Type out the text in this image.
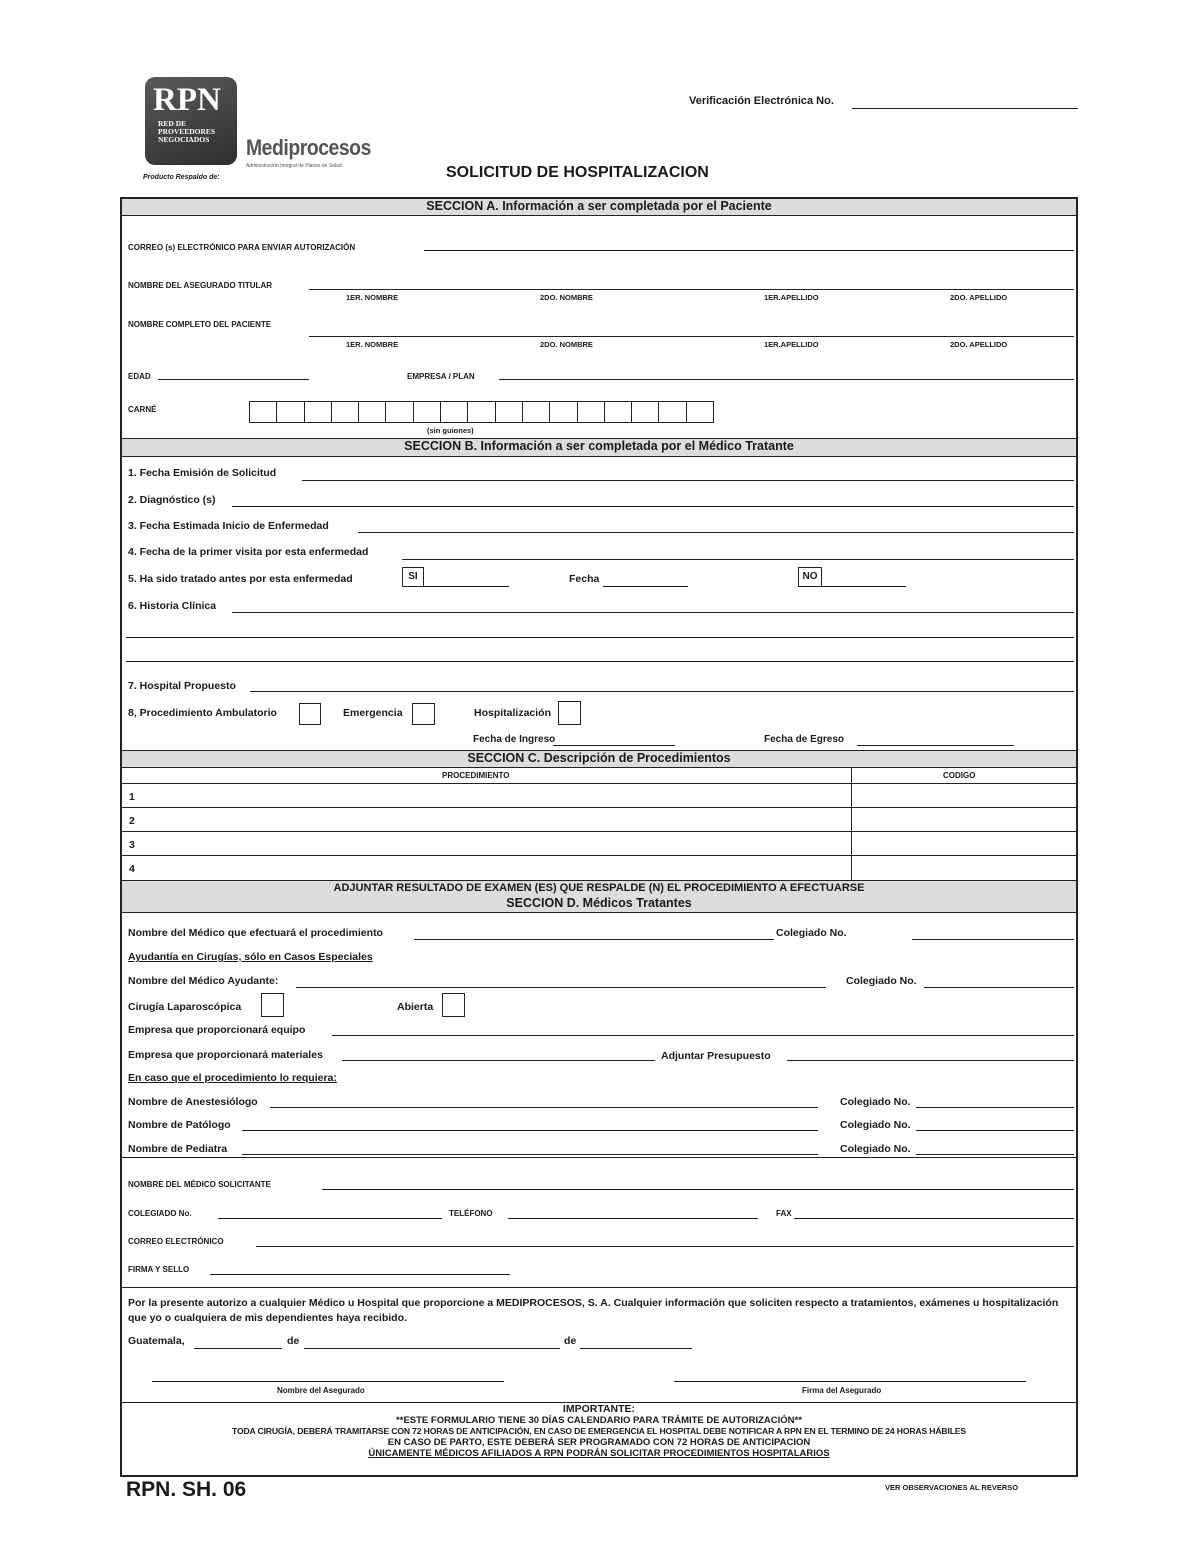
RPN
RED DE
PROVEEDORES
NEGOCIADOS
Producto Respaldo de:
Mediprocesos
Administración Integral de Planes de Salud
Verificación Electrónica No.
SOLICITUD DE HOSPITALIZACION
SECCION A. Información a ser completada por el Paciente
CORREO (s) ELECTRÓNICO PARA ENVIAR AUTORIZACIÓN
NOMBRE DEL ASEGURADO TITULAR
1ER. NOMBRE	2DO. NOMBRE	1ER.APELLIDO	2DO. APELLIDO
NOMBRE COMPLETO DEL PACIENTE
1ER. NOMBRE	2DO. NOMBRE	1ER.APELLIDO	2DO. APELLIDO
EDAD	EMPRESA / PLAN
CARNÉ
(sin guiones)
SECCION B. Información a ser completada por el Médico Tratante
1. Fecha Emisión de Solicitud
2. Diagnóstico (s)
3. Fecha Estimada Inicio de Enfermedad
4. Fecha de la primer visita por esta enfermedad
5. Ha sido tratado antes por esta enfermedad	SI	Fecha	NO
6. Historia Clínica
7. Hospital Propuesto
8, Procedimiento Ambulatorio	Emergencia	Hospitalización
Fecha de Ingreso	Fecha de Egreso
SECCION C. Descripción de Procedimientos
PROCEDIMIENTO	CODIGO
1
2
3
4
ADJUNTAR RESULTADO DE EXAMEN (ES) QUE RESPALDE (N) EL PROCEDIMIENTO A EFECTUARSE
SECCION D. Médicos Tratantes
Nombre del Médico que efectuará el procedimiento	Colegiado No.
Ayudantía en Cirugías, sólo en Casos Especiales
Nombre del Médico Ayudante:	Colegiado No.
Cirugía Laparoscópica	Abierta
Empresa que proporcionará equipo
Empresa que proporcionará materiales	Adjuntar Presupuesto
En caso que el procedimiento lo requiera:
Nombre de Anestesiólogo	Colegiado No.
Nombre de Patólogo	Colegiado No.
Nombre de Pediatra	Colegiado No.
NOMBRE DEL MÉDICO SOLICITANTE
COLEGIADO No.	TELÉFONO	FAX
CORREO ELECTRÓNICO
FIRMA Y SELLO
Por la presente autorizo a cualquier Médico u Hospital que proporcione a MEDIPROCESOS, S. A. Cualquier información que soliciten respecto a tratamientos, exámenes u hospitalización que yo o cualquiera de mis dependientes haya recibido.
Guatemala,	de	de
Nombre del Asegurado	Firma del Asegurado
IMPORTANTE:
**ESTE FORMULARIO TIENE 30 DÍAS CALENDARIO PARA TRÁMITE DE AUTORIZACIÓN**
TODA CIRUGÍA, DEBERÁ TRAMITARSE CON 72 HORAS DE ANTICIPACIÓN, EN CASO DE EMERGENCIA EL HOSPITAL DEBE NOTIFICAR A RPN EN EL TERMINO DE 24 HORAS HÁBILES
EN CASO DE PARTO, ESTE DEBERÁ SER PROGRAMADO CON 72 HORAS DE ANTICIPACION
ÚNICAMENTE MÉDICOS AFILIADOS A RPN PODRÁN SOLICITAR PROCEDIMIENTOS HOSPITALARIOS
RPN. SH. 06	VER OBSERVACIONES AL REVERSO
